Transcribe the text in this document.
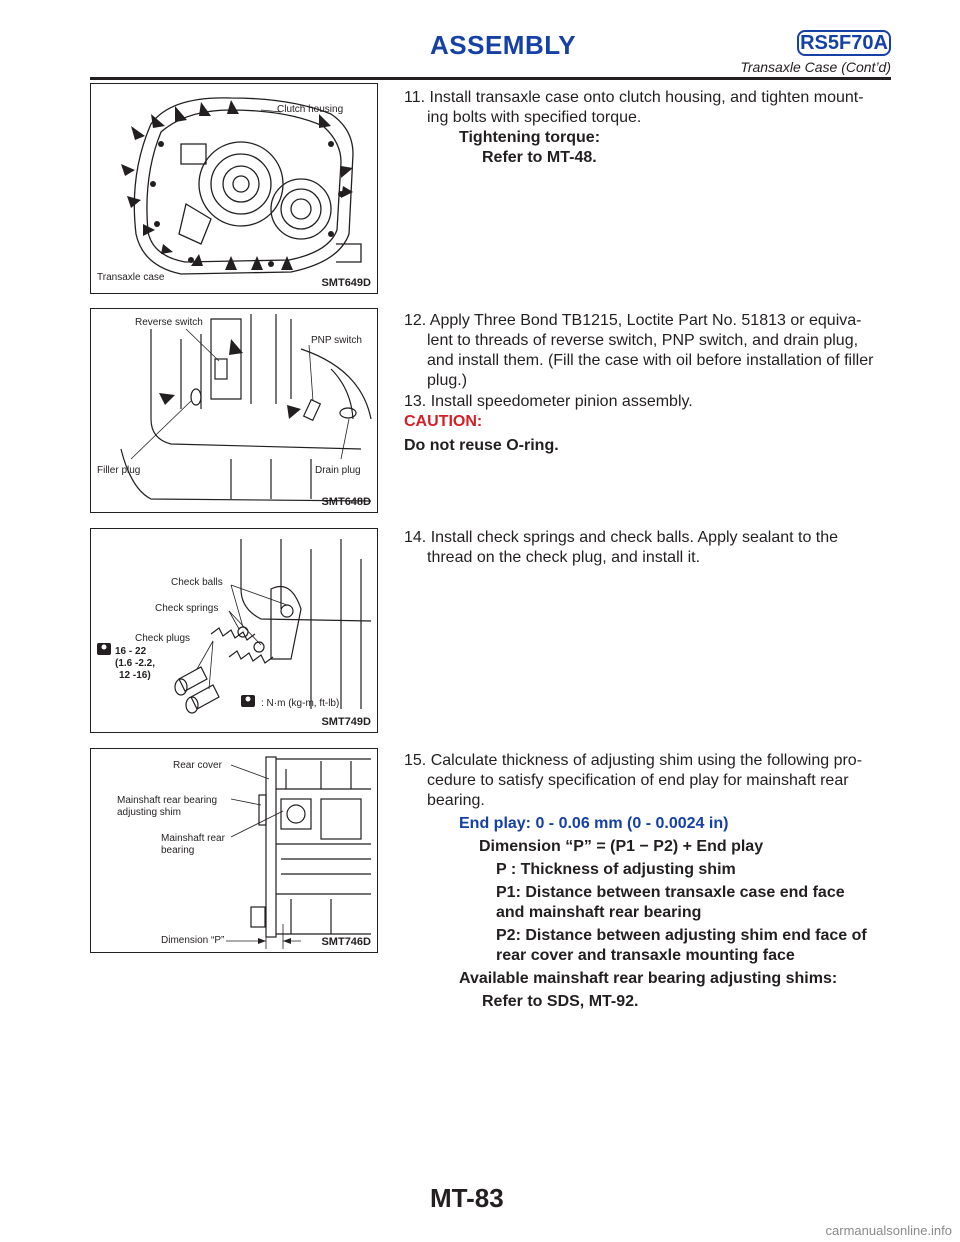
ASSEMBLY	RS5F70A
Transaxle Case (Cont’d)
Clutch housing
Transaxle case	SMT649D
Reverse switch
PNP switch
Filler plug	Drain plug
SMT648D
Check balls
Check springs
Check plugs
16 - 22
(1.6 -2.2,
12 -16)
: N·m (kg-m, ft-lb)
SMT749D
Rear cover
Mainshaft rear bearing
adjusting shim
Mainshaft rear
bearing
Dimension “P”	SMT746D
11. Install transaxle case onto clutch housing, and tighten mount-
ing bolts with specified torque.
Tightening torque:
Refer to MT-48.
12. Apply Three Bond TB1215, Loctite Part No. 51813 or equiva-
lent to threads of reverse switch, PNP switch, and drain plug,
and install them. (Fill the case with oil before installation of filler
plug.)
13. Install speedometer pinion assembly.
CAUTION:
Do not reuse O-ring.
14. Install check springs and check balls. Apply sealant to the
thread on the check plug, and install it.
15. Calculate thickness of adjusting shim using the following pro-
cedure to satisfy specification of end play for mainshaft rear
bearing.
End play: 0 - 0.06 mm (0 - 0.0024 in)
Dimension “P” = (P1 − P2) + End play
P : Thickness of adjusting shim
P1: Distance between transaxle case end face
and mainshaft rear bearing
P2: Distance between adjusting shim end face of
rear cover and transaxle mounting face
Available mainshaft rear bearing adjusting shims:
Refer to SDS, MT-92.
MT-83
carmanualsonline.info
